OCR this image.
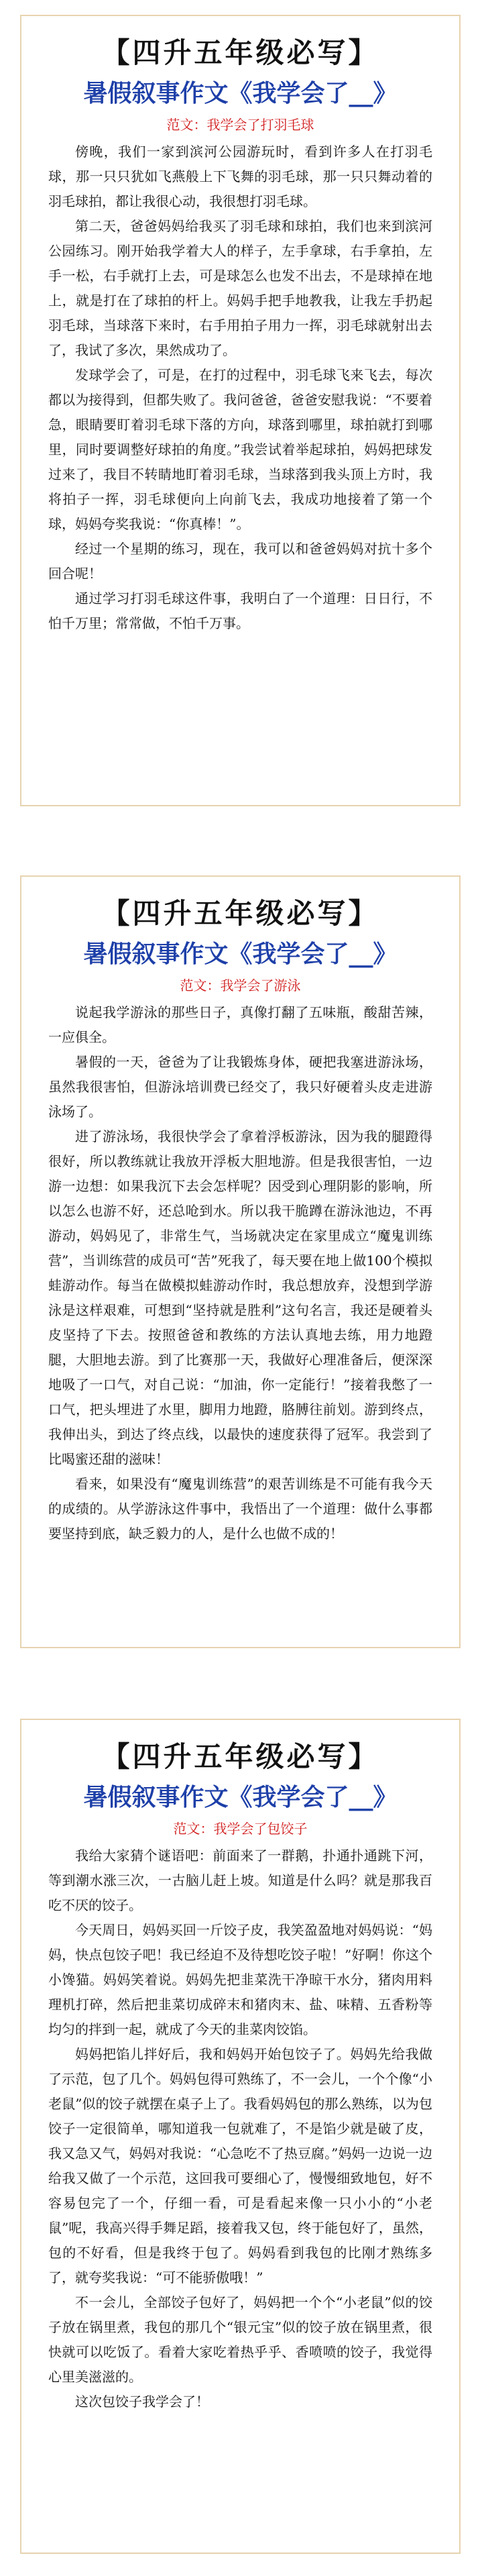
【四升五年级必写】
暑假叙事作文《我学会了__》
范文：我学会了打羽毛球

傍晚，我们一家到滨河公园游玩时，看到许多人在打羽毛球，那一只只犹如飞燕般上下飞舞的羽毛球，那一只只舞动着的羽毛球拍，都让我很心动，我很想打羽毛球。

第二天，爸爸妈妈给我买了羽毛球和球拍，我们也来到滨河公园练习。刚开始我学着大人的样子，左手拿球，右手拿拍，左手一松，右手就打上去，可是球怎么也发不出去，不是球掉在地上，就是打在了球拍的杆上。妈妈手把手地教我，让我左手扔起羽毛球，当球落下来时，右手用拍子用力一挥，羽毛球就射出去了，我试了多次，果然成功了。

发球学会了，可是，在打的过程中，羽毛球飞来飞去，每次都以为接得到，但都失败了。我问爸爸，爸爸安慰我说：“不要着急，眼睛要盯着羽毛球下落的方向，球落到哪里，球拍就打到哪里，同时要调整好球拍的角度。”我尝试着举起球拍，妈妈把球发过来了，我目不转睛地盯着羽毛球，当球落到我头顶上方时，我将拍子一挥，羽毛球便向上向前飞去，我成功地接着了第一个球，妈妈夸奖我说：“你真棒！”。

经过一个星期的练习，现在，我可以和爸爸妈妈对抗十多个回合呢！

通过学习打羽毛球这件事，我明白了一个道理：日日行，不怕千万里；常常做，不怕千万事。

【四升五年级必写】
暑假叙事作文《我学会了__》
范文：我学会了游泳

说起我学游泳的那些日子，真像打翻了五味瓶，酸甜苦辣，一应俱全。

暑假的一天，爸爸为了让我锻炼身体，硬把我塞进游泳场，虽然我很害怕，但游泳培训费已经交了，我只好硬着头皮走进游泳场了。

进了游泳场，我很快学会了拿着浮板游泳，因为我的腿蹬得很好，所以教练就让我放开浮板大胆地游。但是我很害怕，一边游一边想：如果我沉下去会怎样呢？因受到心理阴影的影响，所以怎么也游不好，还总呛到水。所以我干脆蹲在游泳池边，不再游动，妈妈见了，非常生气，当场就决定在家里成立“魔鬼训练营”，当训练营的成员可“苦”死我了，每天要在地上做100个模拟蛙游动作。每当在做模拟蛙游动作时，我总想放弃，没想到学游泳是这样艰难，可想到“坚持就是胜利”这句名言，我还是硬着头皮坚持了下去。按照爸爸和教练的方法认真地去练，用力地蹬腿，大胆地去游。到了比赛那一天，我做好心理准备后，便深深地吸了一口气，对自己说：“加油，你一定能行！”接着我憋了一口气，把头埋进了水里，脚用力地蹬，胳膊往前划。游到终点，我伸出头，到达了终点线，以最快的速度获得了冠军。我尝到了比喝蜜还甜的滋味！

看来，如果没有“魔鬼训练营”的艰苦训练是不可能有我今天的成绩的。从学游泳这件事中，我悟出了一个道理：做什么事都要坚持到底，缺乏毅力的人，是什么也做不成的！

【四升五年级必写】
暑假叙事作文《我学会了__》
范文：我学会了包饺子

我给大家猜个谜语吧：前面来了一群鹅，扑通扑通跳下河，等到潮水涨三次，一古脑儿赶上坡。知道是什么吗？就是那我百吃不厌的饺子。

今天周日，妈妈买回一斤饺子皮，我笑盈盈地对妈妈说：“妈妈，快点包饺子吧！我已经迫不及待想吃饺子啦！”好啊！你这个小馋猫。妈妈笑着说。妈妈先把韭菜洗干净晾干水分，猪肉用料理机打碎，然后把韭菜切成碎末和猪肉末、盐、味精、五香粉等均匀的拌到一起，就成了今天的韭菜肉饺馅。

妈妈把馅儿拌好后，我和妈妈开始包饺子了。妈妈先给我做了示范，包了几个。妈妈包得可熟练了，不一会儿，一个个像“小老鼠”似的饺子就摆在桌子上了。我看妈妈包的那么熟练，以为包饺子一定很简单，哪知道我一包就难了，不是馅少就是破了皮，我又急又气，妈妈对我说：“心急吃不了热豆腐。”妈妈一边说一边给我又做了一个示范，这回我可要细心了，慢慢细致地包，好不容易包完了一个，仔细一看，可是看起来像一只小小的“小老鼠”呢，我高兴得手舞足蹈，接着我又包，终于能包好了，虽然，包的不好看，但是我终于包了。妈妈看到我包的比刚才熟练多了，就夸奖我说：“可不能骄傲哦！”

不一会儿，全部饺子包好了，妈妈把一个个“小老鼠”似的饺子放在锅里煮，我包的那几个“银元宝”似的饺子放在锅里煮，很快就可以吃饭了。看着大家吃着热乎乎、香喷喷的饺子，我觉得心里美滋滋的。

这次包饺子我学会了！
